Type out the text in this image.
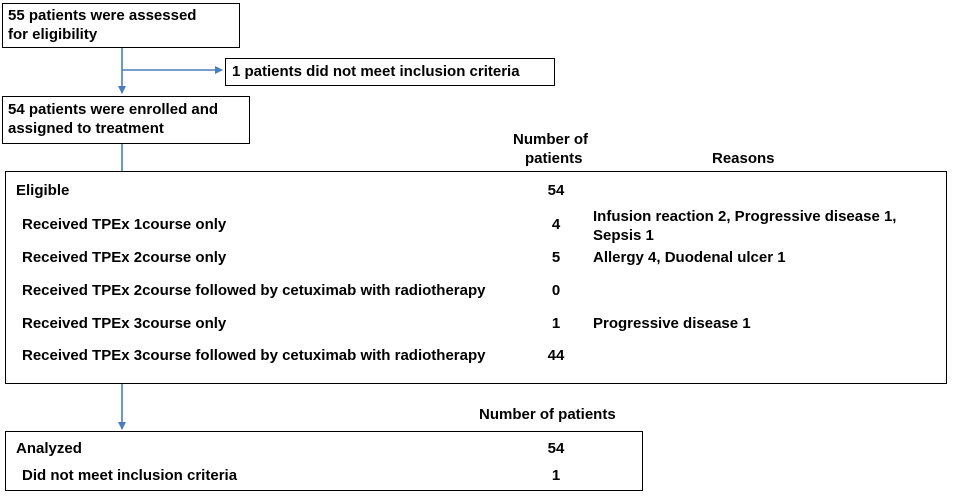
55 patients were assessed
for eligibility
1 patients did not meet inclusion criteria
54 patients were enrolled and
assigned to treatment
Number of
patients	Reasons
Eligible	54
Received TPEx 1course only	4	Infusion reaction 2, Progressive disease 1,
Sepsis 1
Received TPEx 2course only	5	Allergy 4, Duodenal ulcer 1
Received TPEx 2course followed by cetuximab with radiotherapy	0
Received TPEx 3course only	1	Progressive disease 1
Received TPEx 3course followed by cetuximab with radiotherapy	44
Number of patients
Analyzed	54
Did not meet inclusion criteria	1
